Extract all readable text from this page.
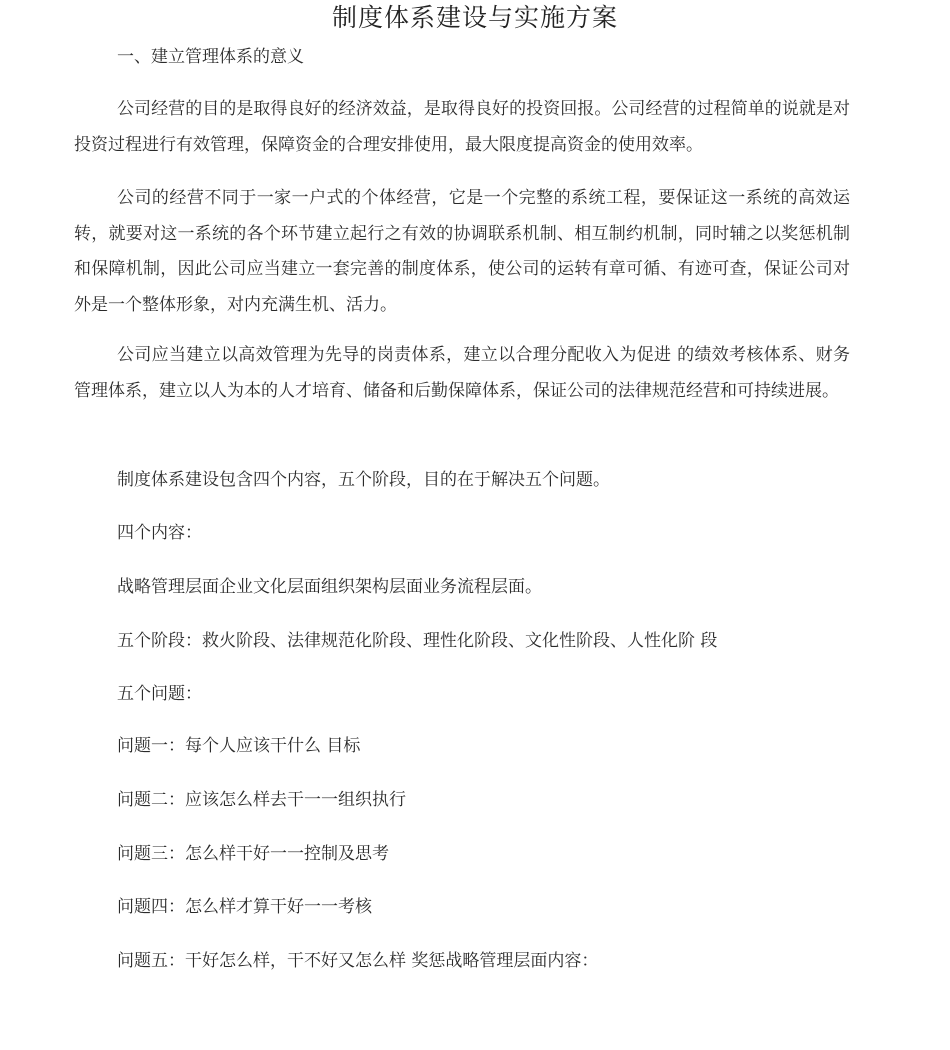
制度体系建设与实施方案
一、建立管理体系的意义

公司经营的目的是取得良好的经济效益，是取得良好的投资回报。公司经营的过程简单的说就是对投资过程进行有效管理，保障资金的合理安排使用，最大限度提高资金的使用效率。

公司的经营不同于一家一户式的个体经营，它是一个完整的系统工程，要保证这一系统的高效运转，就要对这一系统的各个环节建立起行之有效的协调联系机制、相互制约机制，同时辅之以奖惩机制和保障机制，因此公司应当建立一套完善的制度体系，使公司的运转有章可循、有迹可查，保证公司对外是一个整体形象，对内充满生机、活力。

公司应当建立以高效管理为先导的岗责体系，建立以合理分配收入为促进 的绩效考核体系、财务管理体系，建立以人为本的人才培育、储备和后勤保障体系，保证公司的法律规范经营和可持续进展。

制度体系建设包含四个内容，五个阶段，目的在于解决五个问题。
四个内容：
战略管理层面企业文化层面组织架构层面业务流程层面。
五个阶段：救火阶段、法律规范化阶段、理性化阶段、文化性阶段、人性化阶 段
五个问题：
问题一：每个人应该干什么 目标
问题二：应该怎么样去干一一组织执行
问题三：怎么样干好一一控制及思考
问题四：怎么样才算干好一一考核
问题五：干好怎么样，干不好又怎么样 奖惩战略管理层面内容：
